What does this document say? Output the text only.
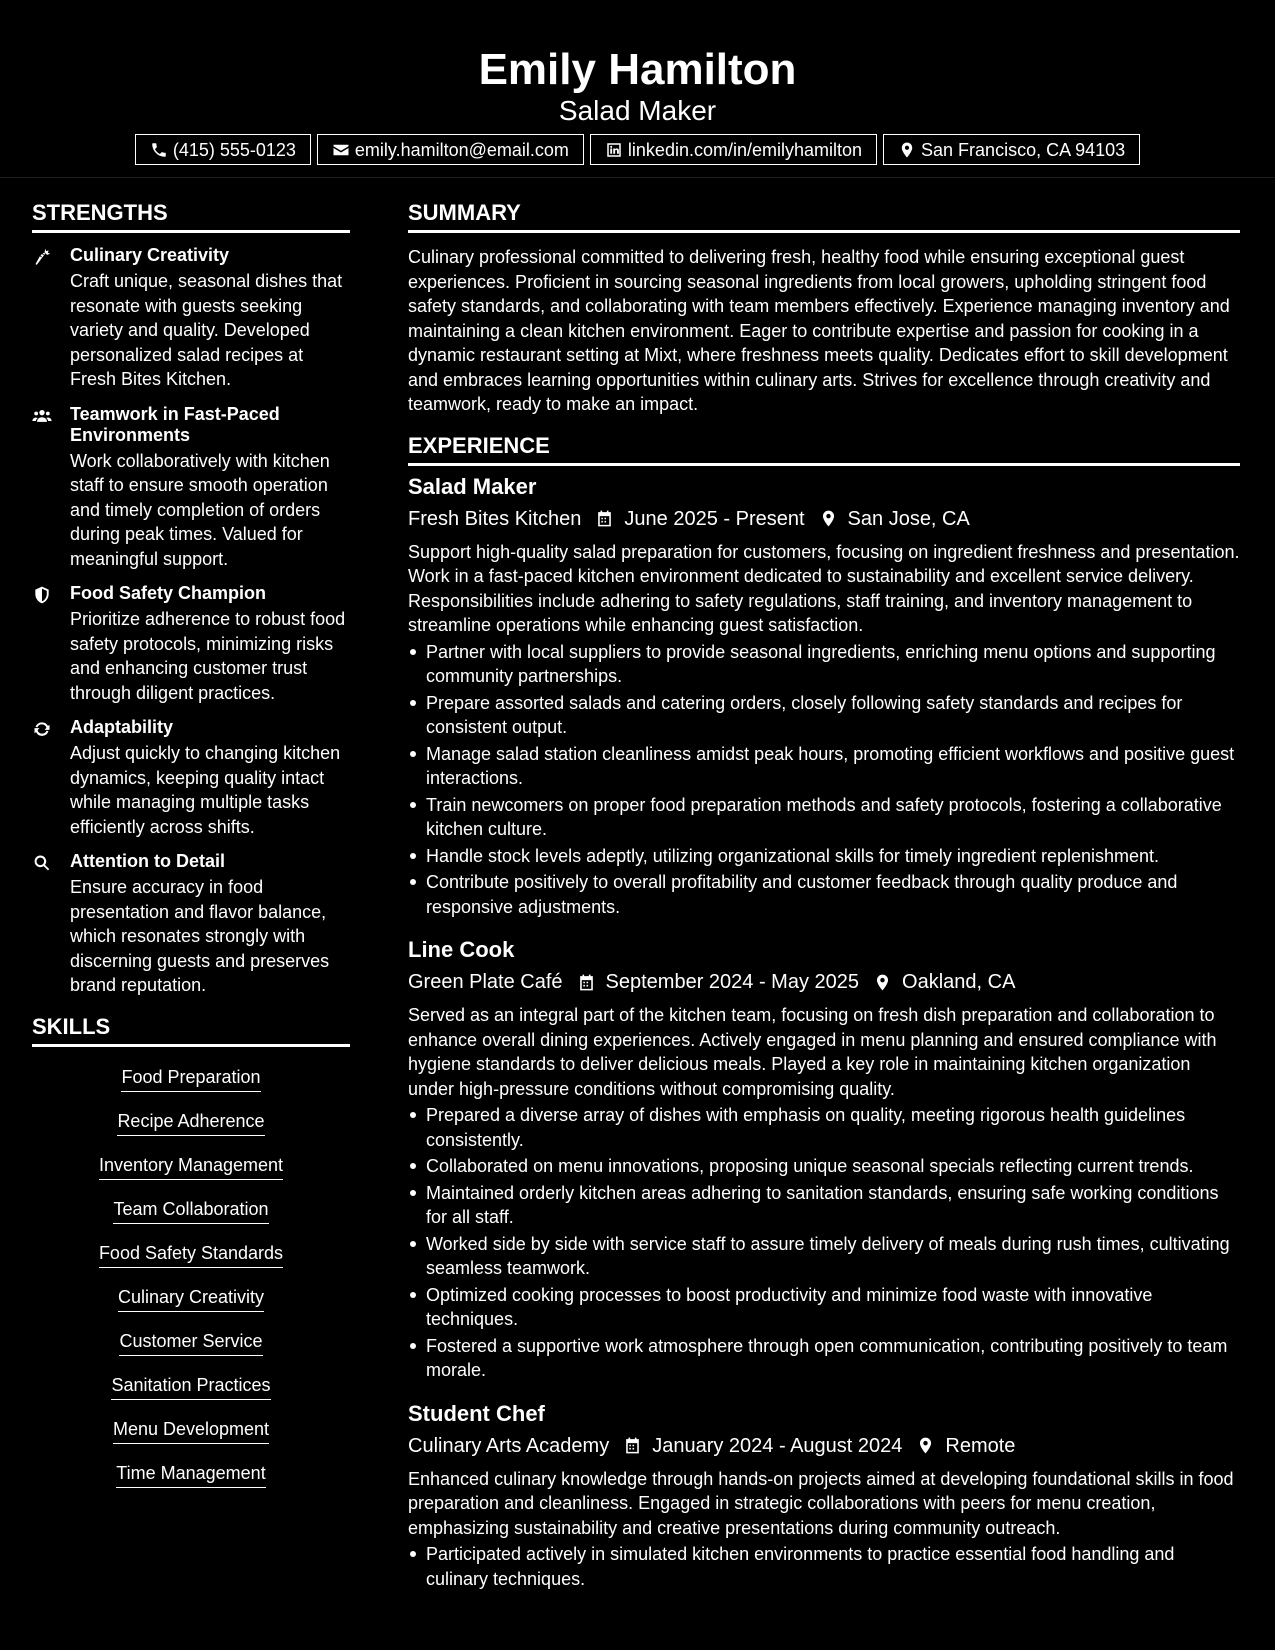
Emily Hamilton
Salad Maker
(415) 555-0123	emily.hamilton@email.com	linkedin.com/in/emilyhamilton	San Francisco, CA 94103
STRENGTHS
Culinary Creativity
Craft unique, seasonal dishes that resonate with guests seeking variety and quality. Developed personalized salad recipes at Fresh Bites Kitchen.
Teamwork in Fast-Paced Environments
Work collaboratively with kitchen staff to ensure smooth operation and timely completion of orders during peak times. Valued for meaningful support.
Food Safety Champion
Prioritize adherence to robust food safety protocols, minimizing risks and enhancing customer trust through diligent practices.
Adaptability
Adjust quickly to changing kitchen dynamics, keeping quality intact while managing multiple tasks efficiently across shifts.
Attention to Detail
Ensure accuracy in food presentation and flavor balance, which resonates strongly with discerning guests and preserves brand reputation.
SKILLS
Food Preparation
Recipe Adherence
Inventory Management
Team Collaboration
Food Safety Standards
Culinary Creativity
Customer Service
Sanitation Practices
Menu Development
Time Management
SUMMARY
Culinary professional committed to delivering fresh, healthy food while ensuring exceptional guest experiences. Proficient in sourcing seasonal ingredients from local growers, upholding stringent food safety standards, and collaborating with team members effectively. Experience managing inventory and maintaining a clean kitchen environment. Eager to contribute expertise and passion for cooking in a dynamic restaurant setting at Mixt, where freshness meets quality. Dedicates effort to skill development and embraces learning opportunities within culinary arts. Strives for excellence through creativity and teamwork, ready to make an impact.
EXPERIENCE
Salad Maker
Fresh Bites Kitchen June 2025 - Present San Jose, CA
Support high-quality salad preparation for customers, focusing on ingredient freshness and presentation. Work in a fast-paced kitchen environment dedicated to sustainability and excellent service delivery. Responsibilities include adhering to safety regulations, staff training, and inventory management to streamline operations while enhancing guest satisfaction.
Partner with local suppliers to provide seasonal ingredients, enriching menu options and supporting community partnerships.
Prepare assorted salads and catering orders, closely following safety standards and recipes for consistent output.
Manage salad station cleanliness amidst peak hours, promoting efficient workflows and positive guest interactions.
Train newcomers on proper food preparation methods and safety protocols, fostering a collaborative kitchen culture.
Handle stock levels adeptly, utilizing organizational skills for timely ingredient replenishment.
Contribute positively to overall profitability and customer feedback through quality produce and responsive adjustments.
Line Cook
Green Plate Café September 2024 - May 2025 Oakland, CA
Served as an integral part of the kitchen team, focusing on fresh dish preparation and collaboration to enhance overall dining experiences. Actively engaged in menu planning and ensured compliance with hygiene standards to deliver delicious meals. Played a key role in maintaining kitchen organization under high-pressure conditions without compromising quality.
Prepared a diverse array of dishes with emphasis on quality, meeting rigorous health guidelines consistently.
Collaborated on menu innovations, proposing unique seasonal specials reflecting current trends.
Maintained orderly kitchen areas adhering to sanitation standards, ensuring safe working conditions for all staff.
Worked side by side with service staff to assure timely delivery of meals during rush times, cultivating seamless teamwork.
Optimized cooking processes to boost productivity and minimize food waste with innovative techniques.
Fostered a supportive work atmosphere through open communication, contributing positively to team morale.
Student Chef
Culinary Arts Academy January 2024 - August 2024 Remote
Enhanced culinary knowledge through hands-on projects aimed at developing foundational skills in food preparation and cleanliness. Engaged in strategic collaborations with peers for menu creation, emphasizing sustainability and creative presentations during community outreach.
Participated actively in simulated kitchen environments to practice essential food handling and culinary techniques.
